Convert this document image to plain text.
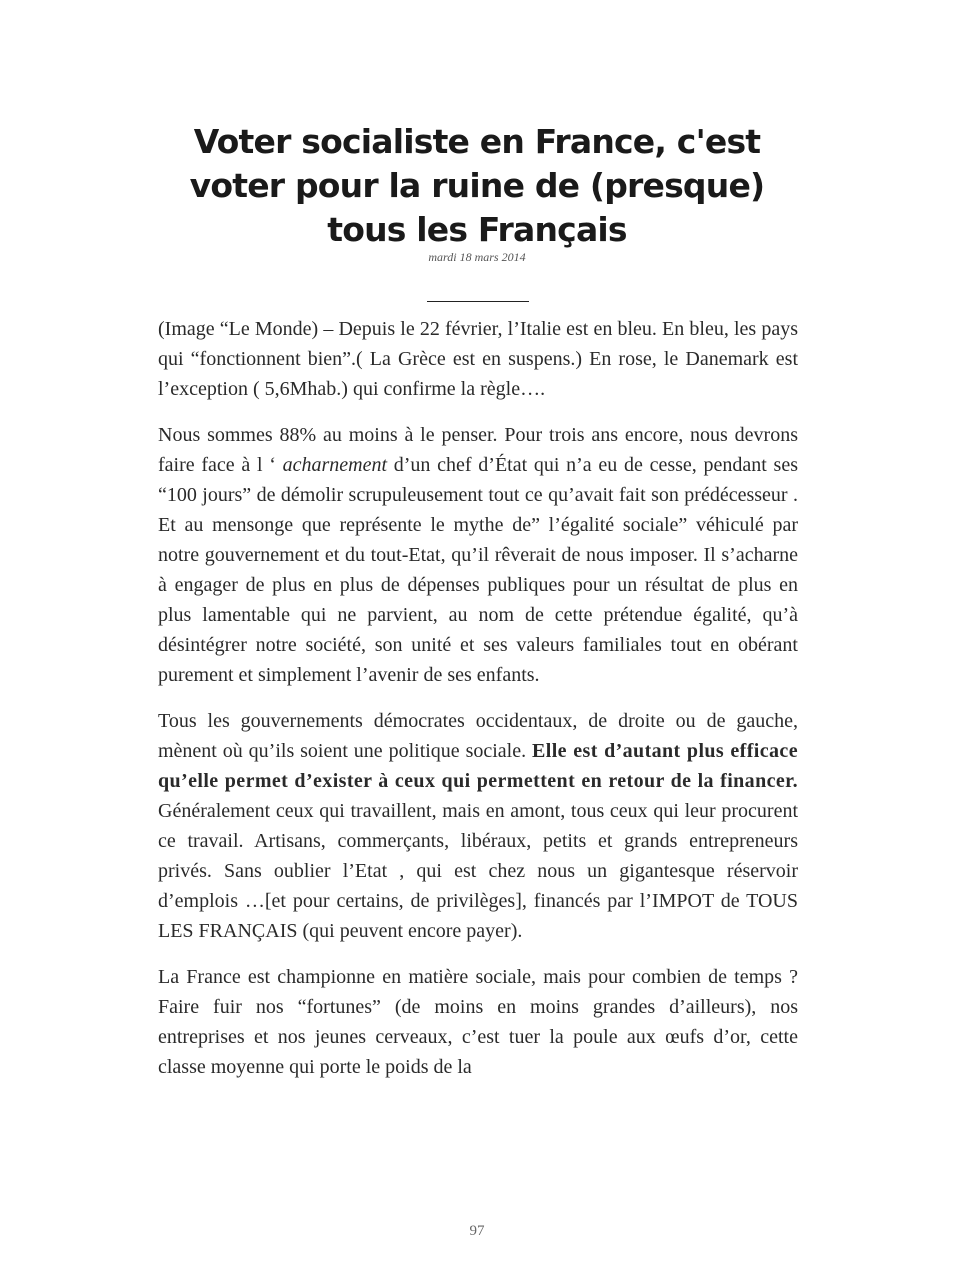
Voter socialiste en France, c'est voter pour la ruine de (presque) tous les Français
mardi 18 mars 2014

(Image “Le Monde) – Depuis le 22 février, l’Italie est en bleu. En bleu, les pays qui “fonctionnent bien”.( La Grèce est en suspens.) En rose, le Danemark est l’exception ( 5,6Mhab.) qui confirme la règle….

Nous sommes 88% au moins à le penser. Pour trois ans encore, nous devrons faire face à l ‘ acharnement d’un chef d’État qui n’a eu de cesse, pendant ses “100 jours” de démolir scrupuleusement tout ce qu’avait fait son prédécesseur . Et au mensonge que représente le mythe de” l’égalité sociale” véhiculé par notre gouvernement et du tout-Etat, qu’il rêverait de nous imposer. Il s’acharne à engager de plus en plus de dépenses publiques pour un résultat de plus en plus lamentable qui ne parvient, au nom de cette prétendue égalité, qu’à désintégrer notre société, son unité et ses valeurs familiales tout en obérant purement et simplement l’avenir de ses enfants.

Tous les gouvernements démocrates occidentaux, de droite ou de gauche, mènent où qu’ils soient une politique sociale. Elle est d’autant plus efficace qu’elle permet d’exister à ceux qui permettent en retour de la financer. Généralement ceux qui travaillent, mais en amont, tous ceux qui leur procurent ce travail. Artisans, commerçants, libéraux, petits et grands entrepreneurs privés. Sans oublier l’Etat , qui est chez nous un gigantesque réservoir d’emplois …[et pour certains, de privilèges], financés par l’IMPOT de TOUS LES FRANÇAIS (qui peuvent encore payer).

La France est championne en matière sociale, mais pour combien de temps ? Faire fuir nos “fortunes” (de moins en moins grandes d’ailleurs), nos entreprises et nos jeunes cerveaux, c’est tuer la poule aux œufs d’or, cette classe moyenne qui porte le poids de la

97
